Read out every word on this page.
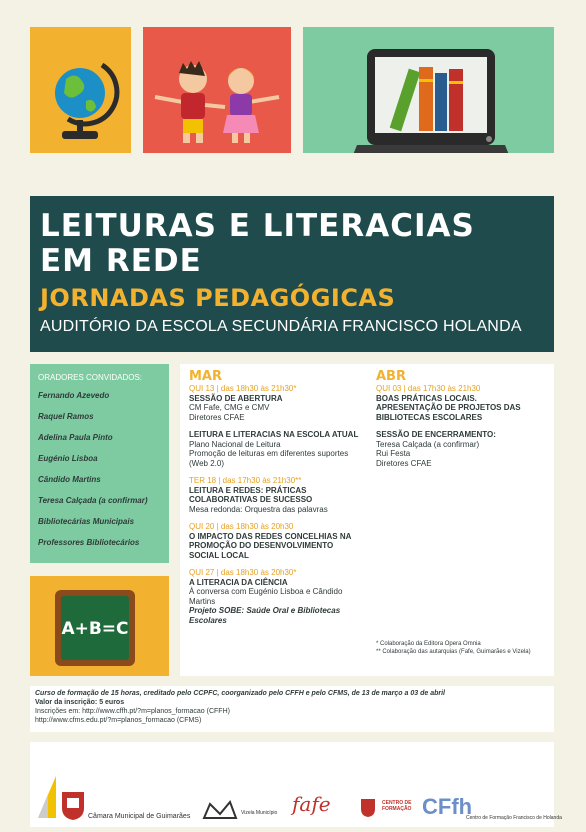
LEITURAS E LITERACIAS
EM REDE
JORNADAS PEDAGÓGICAS
AUDITÓRIO DA ESCOLA SECUNDÁRIA FRANCISCO HOLANDA
ORADORES CONVIDADOS:
Fernando Azevedo
Raquel Ramos
Adelina Paula Pinto
Eugénio Lisboa
Cândido Martins
Teresa Calçada (a confirmar)
Bibliotecárias Municipais
Professores Bibliotecários
A+B=C
MAR
QUI 13 | das 18h30 às 21h30*
SESSÃO DE ABERTURA
CM Fafe, CMG e CMV
Diretores CFAE
LEITURA E LITERACIAS NA ESCOLA ATUAL
Plano Nacional de Leitura
Promoção de leituras em diferentes suportes (Web 2.0)
TER 18 | das 17h30 às 21h30**
LEITURA E REDES: PRÁTICAS COLABORATIVAS DE SUCESSO
Mesa redonda: Orquestra das palavras
QUI 20 | das 18h30 às 20h30
O IMPACTO DAS REDES CONCELHIAS NA PROMOÇÃO DO DESENVOLVIMENTO SOCIAL LOCAL
QUI 27 | das 18h30 às 20h30*
A LITERACIA DA CIÊNCIA
À conversa com Eugénio Lisboa e Cândido Martins
Projeto SOBE: Saúde Oral e Bibliotecas Escolares
ABR
QUI 03 | das 17h30 às 21h30
BOAS PRÁTICAS LOCAIS.
APRESENTAÇÃO DE PROJETOS DAS BIBLIOTECAS ESCOLARES
SESSÃO DE ENCERRAMENTO:
Teresa Calçada (a confirmar)
Rui Festa
Diretores CFAE
* Colaboração da Editora Opera Omnia
** Colaboração das autarquias (Fafe, Guimarães e Vizela)
Curso de formação de 15 horas, creditado pelo CCPFC, coorganizado pelo CFFH e pelo CFMS, de 13 de março a 03 de abril
Valor da inscrição: 5 euros
Inscrições em: http://www.cffh.pt/?m=planos_formacao (CFFH)
http://www.cfms.edu.pt/?m=planos_formacao (CFMS)
Câmara Municipal de Guimarães	Vizela Município fafe	CENTRO DE FORMAÇÃO CFfh
Centro de Formação Francisco de Holanda
